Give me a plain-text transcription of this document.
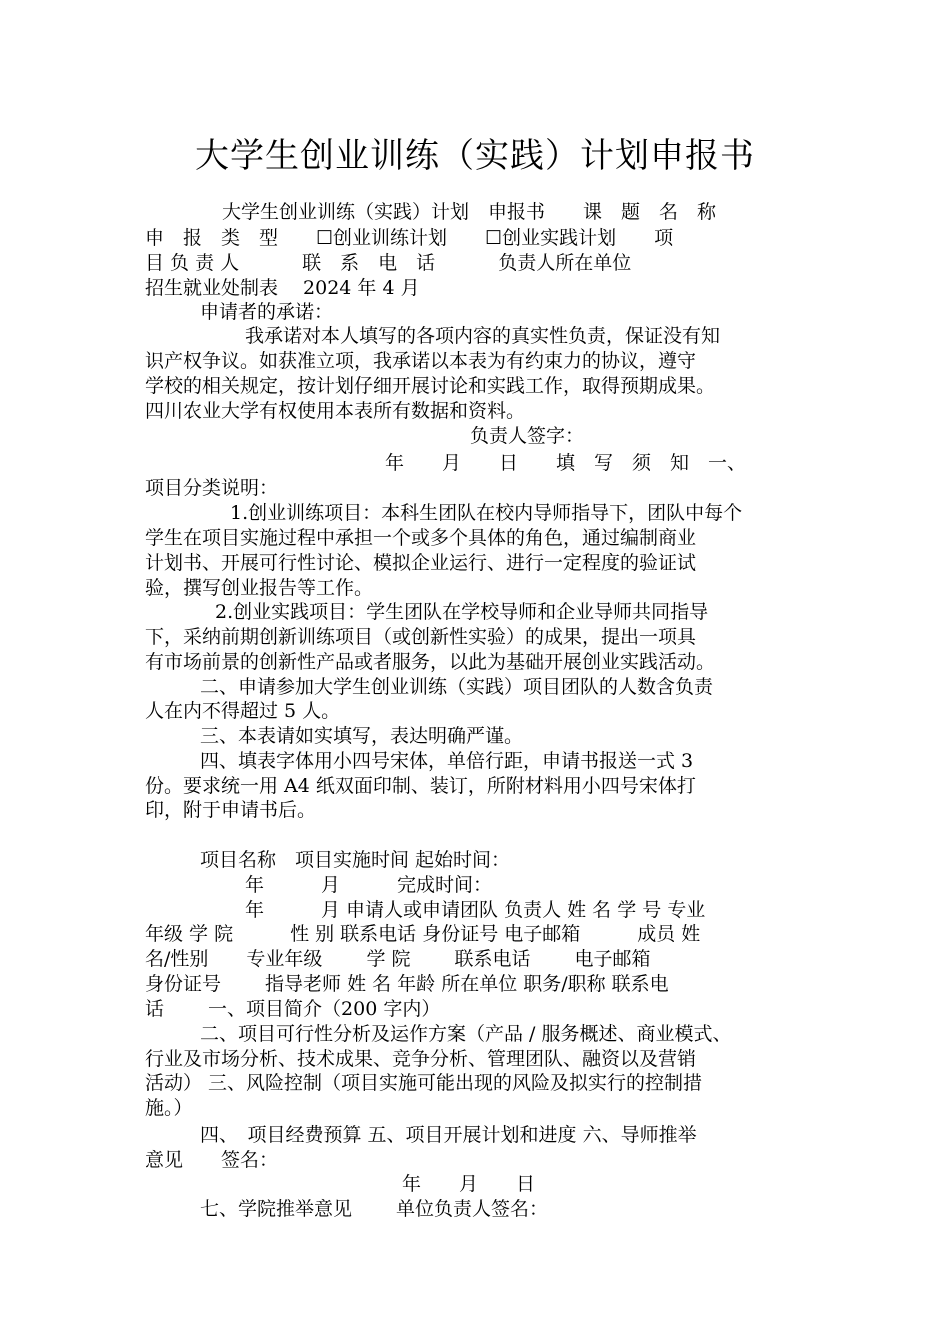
大学生创业训练（实践）计划申报书
大学生创业训练（实践）计划　申报书　　课　题　名　称
申　报　类　型　　☐创业训练计划　　☐创业实践计划　　项
目 负 责 人　　　 联　系　电　话　　　 负责人所在单位
招生就业处制表　 2024 年 4 月
申请者的承诺：
我承诺对本人填写的各项内容的真实性负责，保证没有知
识产权争议。如获准立项，我承诺以本表为有约束力的协议，遵守
学校的相关规定，按计划仔细开展讨论和实践工作，取得预期成果。
四川农业大学有权使用本表所有数据和资料。
负责人签字：
年　　月　　日　　填　写　须　知　一、
项目分类说明：
1.创业训练项目：本科生团队在校内导师指导下，团队中每个
学生在项目实施过程中承担一个或多个具体的角色，通过编制商业
计划书、开展可行性讨论、模拟企业运行、进行一定程度的验证试
验，撰写创业报告等工作。
2.创业实践项目：学生团队在学校导师和企业导师共同指导
下，采纳前期创新训练项目（或创新性实验）的成果，提出一项具
有市场前景的创新性产品或者服务，以此为基础开展创业实践活动。
二、申请参加大学生创业训练（实践）项目团队的人数含负责
人在内不得超过 5 人。
三、本表请如实填写，表达明确严谨。
四、填表字体用小四号宋体，单倍行距，申请书报送一式 3
份。要求统一用 A4 纸双面印制、装订，所附材料用小四号宋体打
印，附于申请书后。
项目名称　项目实施时间 起始时间：
年　　　月　　　完成时间：
年　　　月 申请人或申请团队 负责人 姓 名 学 号 专业
年级 学 院　　　性 别 联系电话 身份证号 电子邮箱　　　成员 姓
名/性别　　专业年级　　 学 院　　 联系电话　　 电子邮箱
身份证号　　 指导老师 姓 名 年龄 所在单位 职务/职称 联系电
话　　 一、项目简介（200 字内）
二、项目可行性分析及运作方案（产品 / 服务概述、商业模式、
行业及市场分析、技术成果、竞争分析、管理团队、融资以及营销
活动） 三、风险控制（项目实施可能出现的风险及拟实行的控制措
施。）
四、　项目经费预算 五、项目开展计划和进度 六、导师推举
意见　　签名：
年　　月　　日
七、学院推举意见　　 单位负责人签名：
